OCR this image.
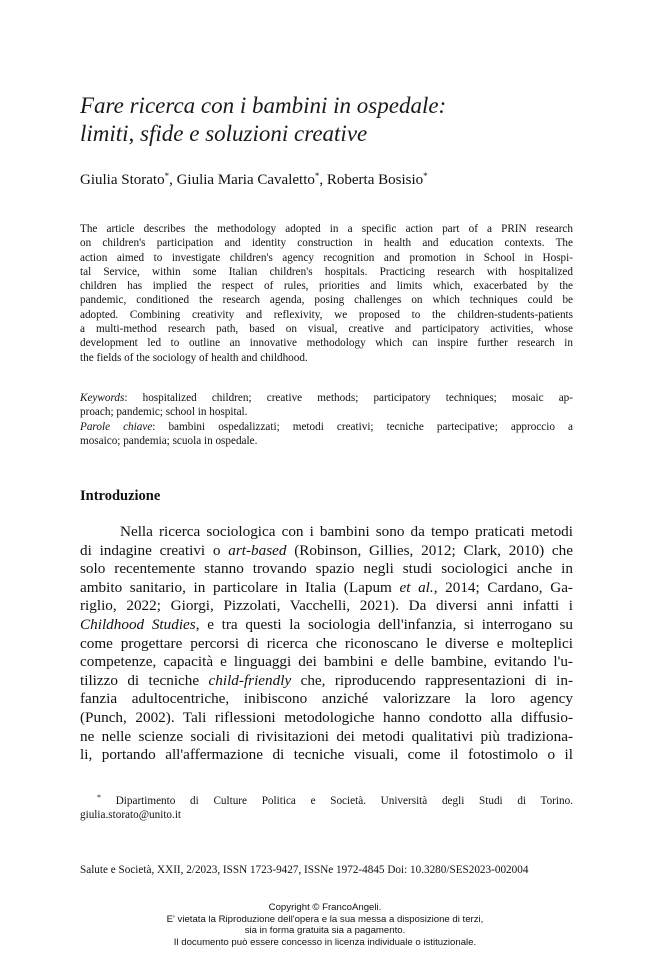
Fare ricerca con i bambini in ospedale:
limiti, sfide e soluzioni creative
Giulia Storato*, Giulia Maria Cavaletto*, Roberta Bosisio*
The article describes the methodology adopted in a specific action part of a PRIN research
on children's participation and identity construction in health and education contexts. The
action aimed to investigate children's agency recognition and promotion in School in Hospi-
tal Service, within some Italian children's hospitals. Practicing research with hospitalized
children has implied the respect of rules, priorities and limits which, exacerbated by the
pandemic, conditioned the research agenda, posing challenges on which techniques could be
adopted. Combining creativity and reflexivity, we proposed to the children-students-patients
a multi-method research path, based on visual, creative and participatory activities, whose
development led to outline an innovative methodology which can inspire further research in
the fields of the sociology of health and childhood.
Keywords: hospitalized children; creative methods; participatory techniques; mosaic ap-
proach; pandemic; school in hospital.
Parole chiave: bambini ospedalizzati; metodi creativi; tecniche partecipative; approccio a
mosaico; pandemia; scuola in ospedale.
Introduzione
Nella ricerca sociologica con i bambini sono da tempo praticati metodi
di indagine creativi o art-based (Robinson, Gillies, 2012; Clark, 2010) che
solo recentemente stanno trovando spazio negli studi sociologici anche in
ambito sanitario, in particolare in Italia (Lapum et al., 2014; Cardano, Ga-
riglio, 2022; Giorgi, Pizzolati, Vacchelli, 2021). Da diversi anni infatti i
Childhood Studies, e tra questi la sociologia dell'infanzia, si interrogano su
come progettare percorsi di ricerca che riconoscano le diverse e molteplici
competenze, capacità e linguaggi dei bambini e delle bambine, evitando l'u-
tilizzo di tecniche child-friendly che, riproducendo rappresentazioni di in-
fanzia adultocentriche, inibiscono anziché valorizzare la loro agency
(Punch, 2002). Tali riflessioni metodologiche hanno condotto alla diffusio-
ne nelle scienze sociali di rivisitazioni dei metodi qualitativi più tradiziona-
li, portando all'affermazione di tecniche visuali, come il fotostimolo o il
* Dipartimento di Culture Politica e Società. Università degli Studi di Torino.
giulia.storato@unito.it
Salute e Società, XXII, 2/2023, ISSN 1723-9427, ISSNe 1972-4845 Doi: 10.3280/SES2023-002004
Copyright © FrancoAngeli.
E' vietata la Riproduzione dell'opera e la sua messa a disposizione di terzi,
sia in forma gratuita sia a pagamento.
Il documento può essere concesso in licenza individuale o istituzionale.
